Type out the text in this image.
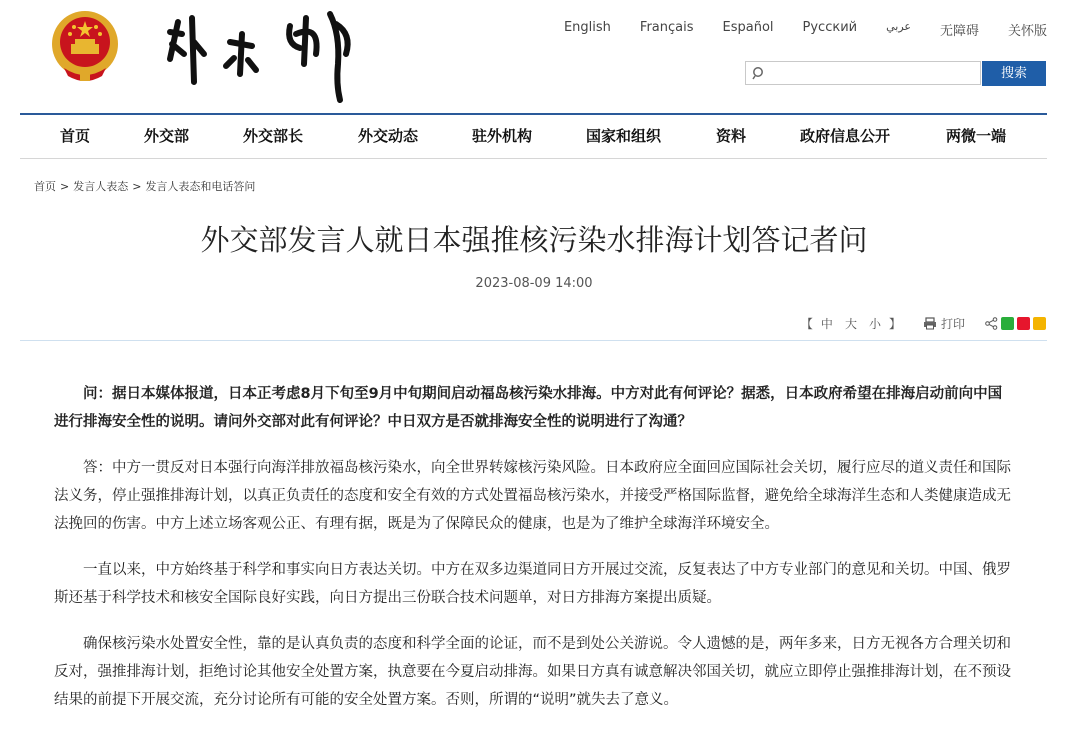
English Français Español Русский	عربي 无障碍 关怀版
搜索
首页	外交部	外交部长	外交动态	驻外机构	国家和组织	资料	政府信息公开	两微一端
首页 > 发言人表态 > 发言人表态和电话答问
外交部发言人就日本强推核污染水排海计划答记者问
2023-08-09 14:00
【 中 大 小 】	打印

问：据日本媒体报道，日本正考虑8月下旬至9月中旬期间启动福岛核污染水排海。中方对此有何评论？据悉，日本政府希望在排海启动前向中国进行排海安全性的说明。请问外交部对此有何评论？中日双方是否就排海安全性的说明进行了沟通？

答：中方一贯反对日本强行向海洋排放福岛核污染水，向全世界转嫁核污染风险。日本政府应全面回应国际社会关切，履行应尽的道义责任和国际法义务，停止强推排海计划，以真正负责任的态度和安全有效的方式处置福岛核污染水，并接受严格国际监督，避免给全球海洋生态和人类健康造成无法挽回的伤害。中方上述立场客观公正、有理有据，既是为了保障民众的健康，也是为了维护全球海洋环境安全。

一直以来，中方始终基于科学和事实向日方表达关切。中方在双多边渠道同日方开展过交流，反复表达了中方专业部门的意见和关切。中国、俄罗斯还基于科学技术和核安全国际良好实践，向日方提出三份联合技术问题单，对日方排海方案提出质疑。

确保核污染水处置安全性，靠的是认真负责的态度和科学全面的论证，而不是到处公关游说。令人遗憾的是，两年多来，日方无视各方合理关切和反对，强推排海计划，拒绝讨论其他安全处置方案，执意要在今夏启动排海。如果日方真有诚意解决邻国关切，就应立即停止强推排海计划，在不预设结果的前提下开展交流，充分讨论所有可能的安全处置方案。否则，所谓的“说明”就失去了意义。
